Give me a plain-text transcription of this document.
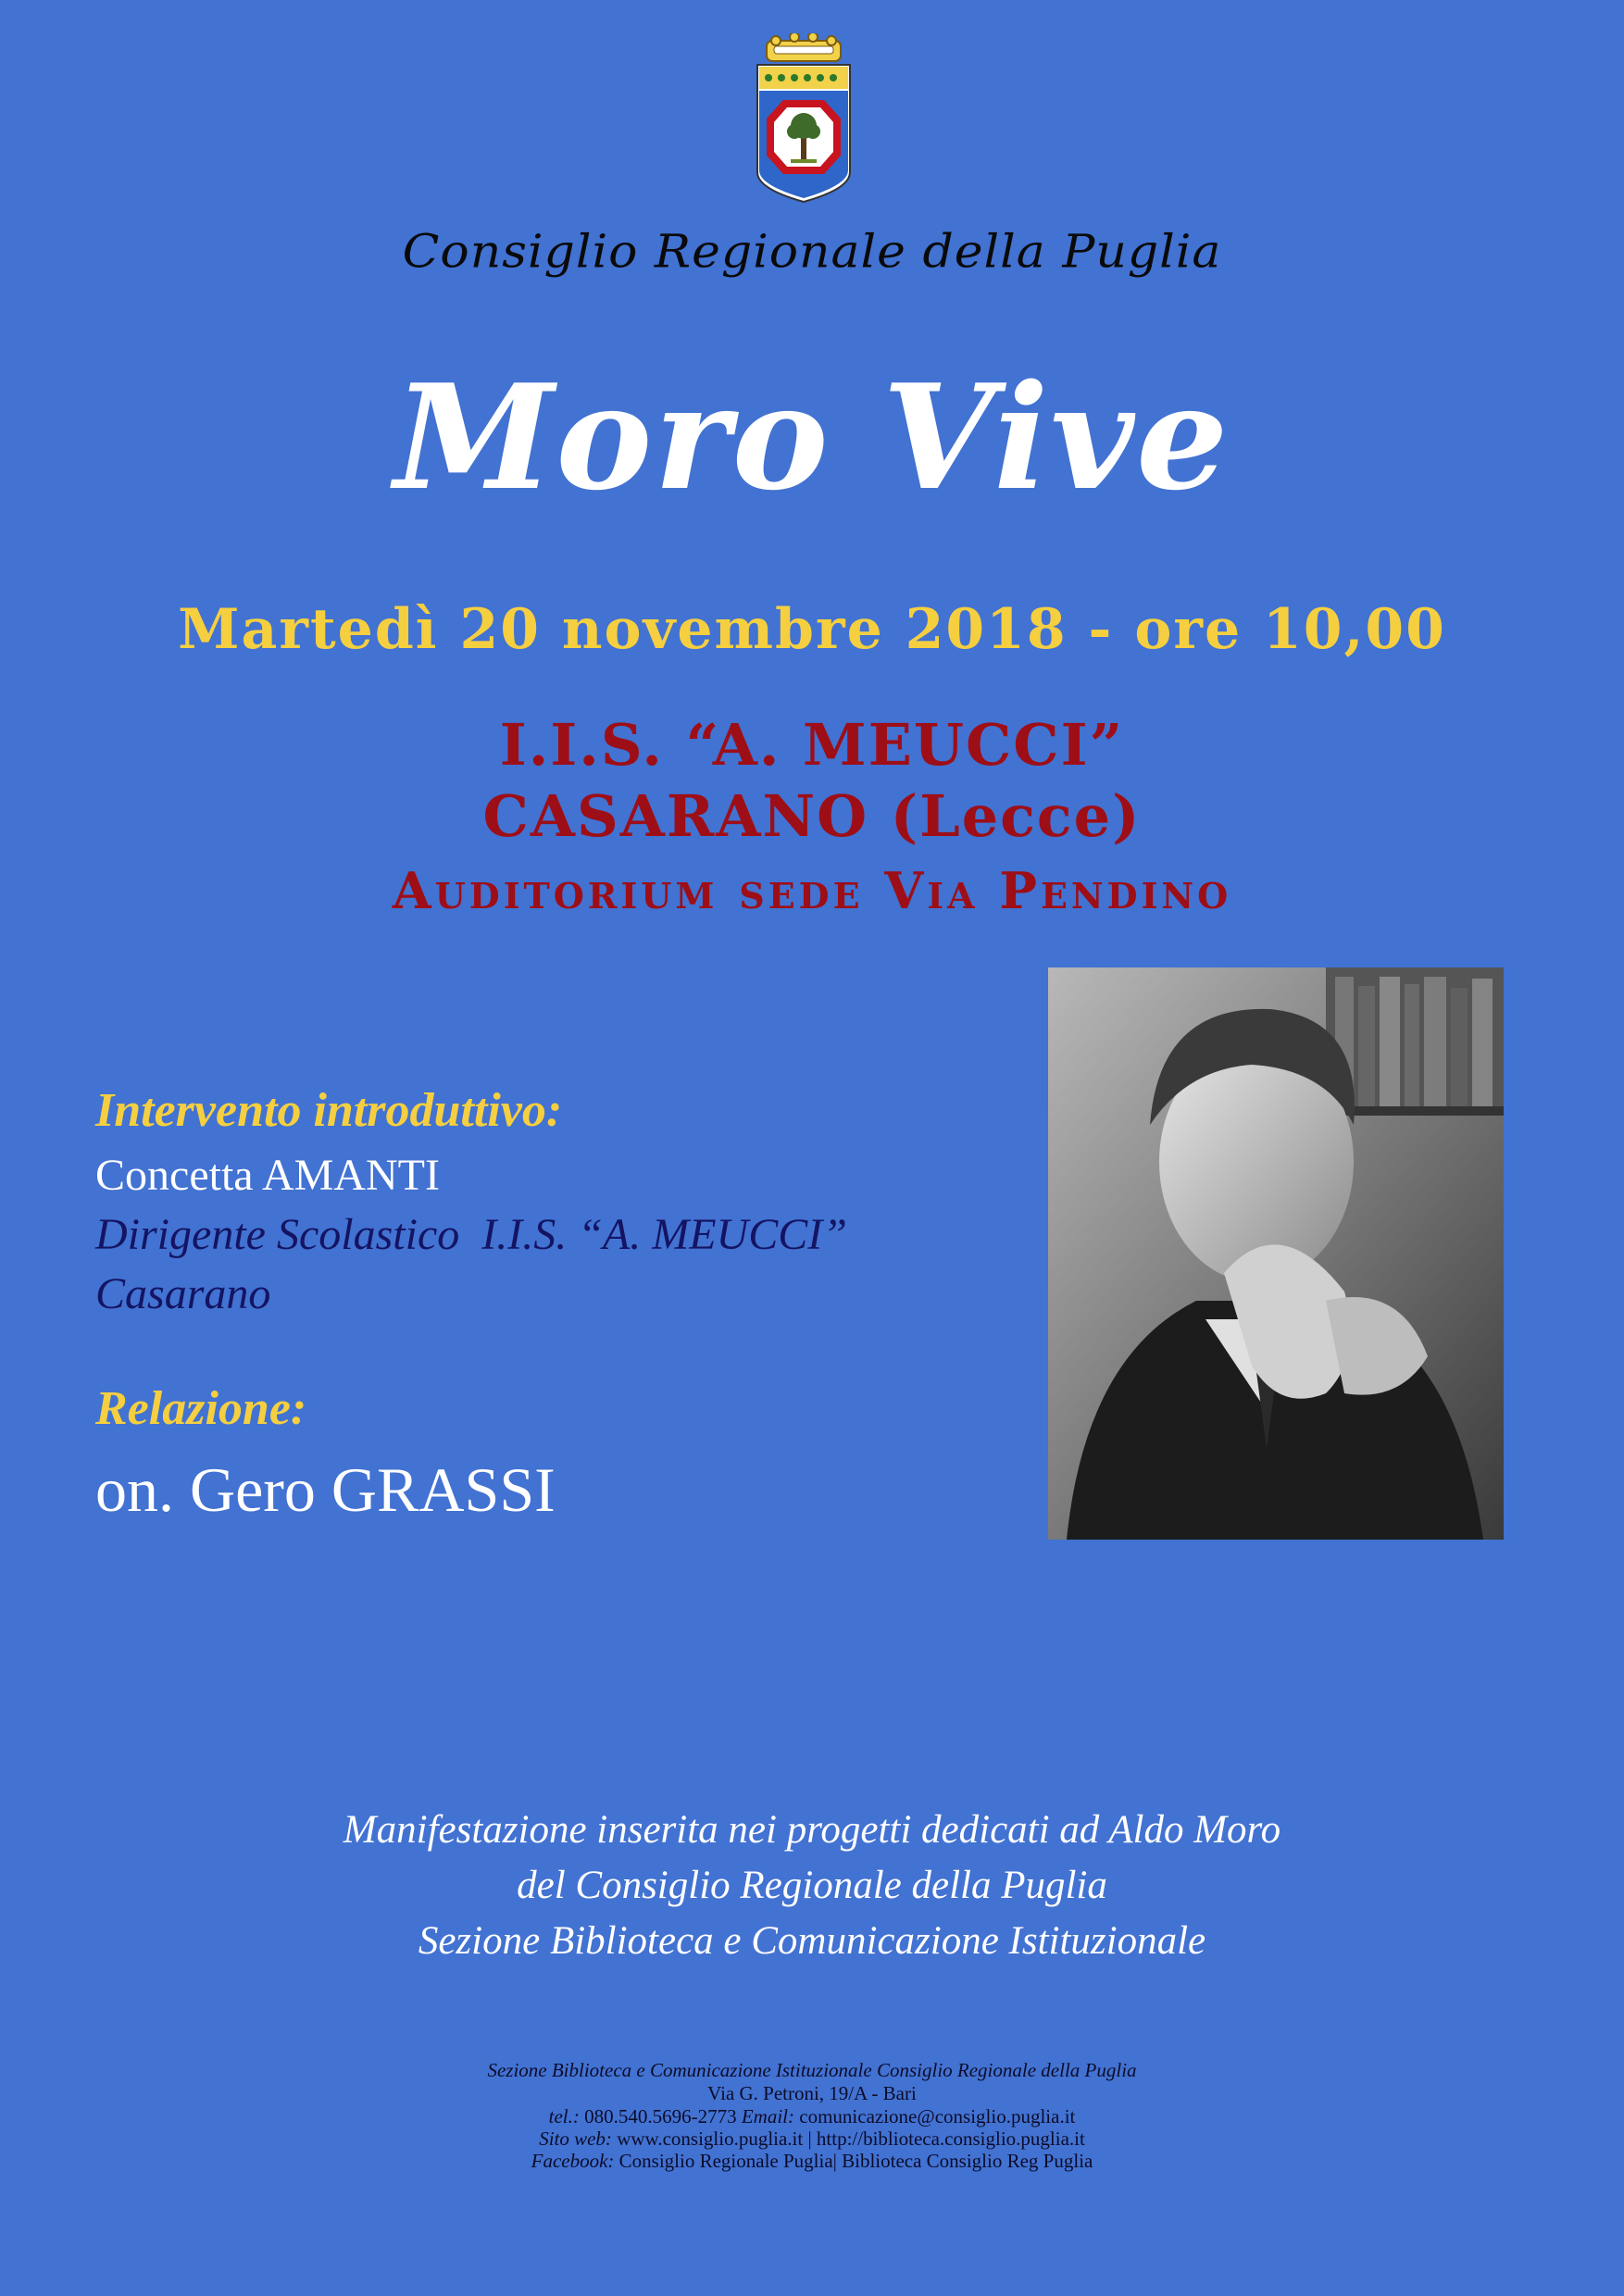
Consiglio Regionale della Puglia
Moro Vive
Martedì 20 novembre 2018 - ore 10,00
I.I.S. “A. MEUCCI”
CASARANO (Lecce)
Auditorium sede Via Pendino
Intervento introduttivo:
Concetta AMANTI
Dirigente Scolastico  I.I.S. “A. MEUCCI”
Casarano
Relazione:
on. Gero GRASSI
Manifestazione inserita nei progetti dedicati ad Aldo Moro
del Consiglio Regionale della Puglia
Sezione Biblioteca e Comunicazione Istituzionale
Sezione Biblioteca e Comunicazione Istituzionale Consiglio Regionale della Puglia
Via G. Petroni, 19/A - Bari
tel.: 080.540.5696-2773 Email: comunicazione@consiglio.puglia.it
Sito web: www.consiglio.puglia.it | http://biblioteca.consiglio.puglia.it
Facebook: Consiglio Regionale Puglia| Biblioteca Consiglio Reg Puglia
